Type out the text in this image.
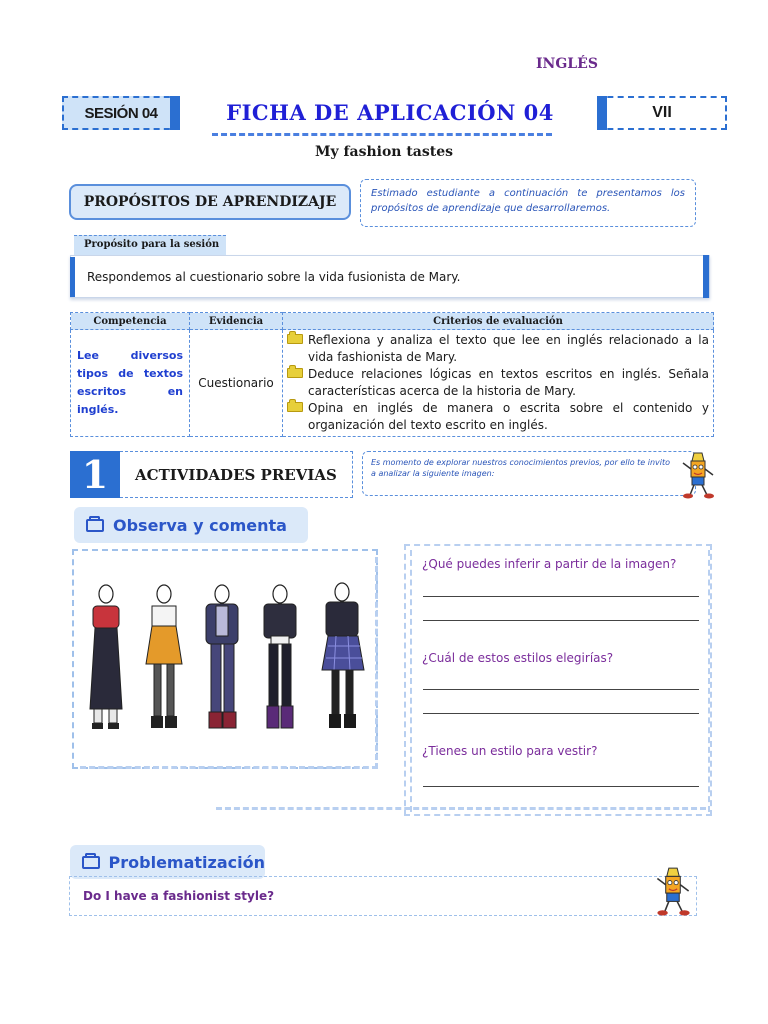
INGLÉS
SESIÓN 04	FICHA DE APLICACIÓN 04	VII
My fashion tastes
PROPÓSITOS DE APRENDIZAJE
Estimado estudiante a continuación te presentamos los propósitos de aprendizaje que desarrollaremos.
Propósito para la sesión
Respondemos al cuestionario sobre la vida fusionista de Mary.
Competencia	Evidencia	Criterios de evaluación
Lee diversos tipos de textos escritos en inglés.	Cuestionario	Reflexiona y analiza el texto que lee en inglés relacionado a la vida fashionista de Mary.
Deduce relaciones lógicas en textos escritos en inglés. Señala características acerca de la historia de Mary.
Opina en inglés de manera o escrita sobre el contenido y organización del texto escrito en inglés.
1	ACTIVIDADES PREVIAS
Es momento de explorar nuestros conocimientos previos, por ello te invito a analizar la siguiente imagen:
Observa y comenta
¿Qué puedes inferir a partir de la imagen?
¿Cuál de estos estilos elegirías?
¿Tienes un estilo para vestir?
Problematización
Do I have a fashionist style?
